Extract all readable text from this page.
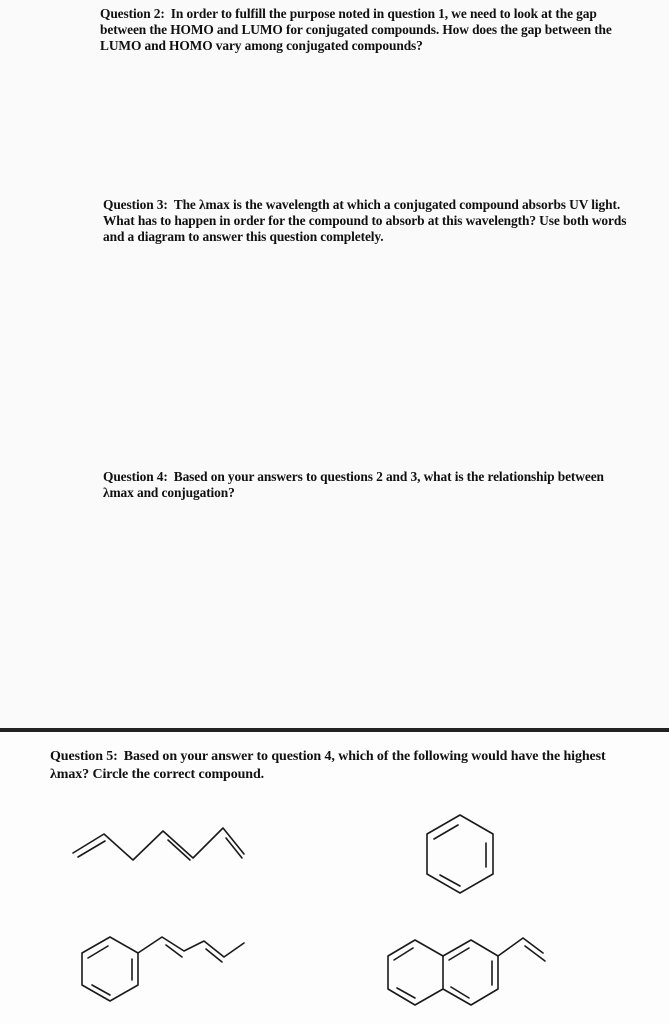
Question 2: In order to fulfill the purpose noted in question 1, we need to look at the gap between the HOMO and LUMO for conjugated compounds. How does the gap between the LUMO and HOMO vary among conjugated compounds?

Question 3: The λmax is the wavelength at which a conjugated compound absorbs UV light. What has to happen in order for the compound to absorb at this wavelength? Use both words and a diagram to answer this question completely.

Question 4: Based on your answers to questions 2 and 3, what is the relationship between λmax and conjugation?

Question 5: Based on your answer to question 4, which of the following would have the highest λmax? Circle the correct compound.
